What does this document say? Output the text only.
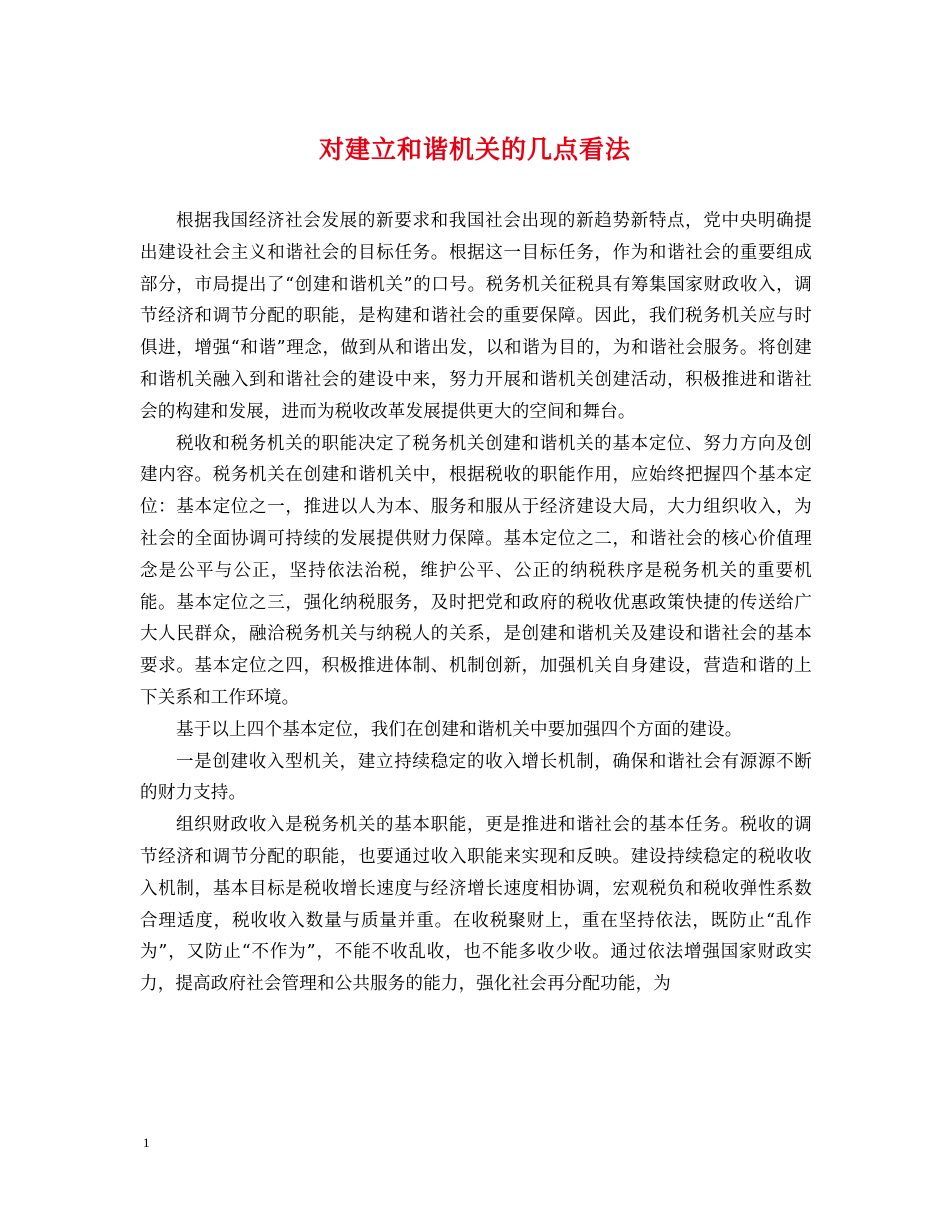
对建立和谐机关的几点看法

根据我国经济社会发展的新要求和我国社会出现的新趋势新特点，党中央明确提出建设社会主义和谐社会的目标任务。根据这一目标任务，作为和谐社会的重要组成部分，市局提出了“创建和谐机关”的口号。税务机关征税具有筹集国家财政收入，调节经济和调节分配的职能，是构建和谐社会的重要保障。因此，我们税务机关应与时俱进，增强“和谐”理念，做到从和谐出发，以和谐为目的，为和谐社会服务。将创建和谐机关融入到和谐社会的建设中来，努力开展和谐机关创建活动，积极推进和谐社会的构建和发展，进而为税收改革发展提供更大的空间和舞台。

税收和税务机关的职能决定了税务机关创建和谐机关的基本定位、努力方向及创建内容。税务机关在创建和谐机关中，根据税收的职能作用，应始终把握四个基本定位：基本定位之一，推进以人为本、服务和服从于经济建设大局，大力组织收入，为社会的全面协调可持续的发展提供财力保障。基本定位之二，和谐社会的核心价值理念是公平与公正，坚持依法治税，维护公平、公正的纳税秩序是税务机关的重要机能。基本定位之三，强化纳税服务，及时把党和政府的税收优惠政策快捷的传送给广大人民群众，融洽税务机关与纳税人的关系，是创建和谐机关及建设和谐社会的基本要求。基本定位之四，积极推进体制、机制创新，加强机关自身建设，营造和谐的上下关系和工作环境。

基于以上四个基本定位，我们在创建和谐机关中要加强四个方面的建设。

一是创建收入型机关，建立持续稳定的收入增长机制，确保和谐社会有源源不断的财力支持。

组织财政收入是税务机关的基本职能，更是推进和谐社会的基本任务。税收的调节经济和调节分配的职能，也要通过收入职能来实现和反映。建设持续稳定的税收收入机制，基本目标是税收增长速度与经济增长速度相协调，宏观税负和税收弹性系数合理适度，税收收入数量与质量并重。在收税聚财上，重在坚持依法，既防止“乱作为”，又防止“不作为”，不能不收乱收，也不能多收少收。通过依法增强国家财政实力，提高政府社会管理和公共服务的能力，强化社会再分配功能，为

1
